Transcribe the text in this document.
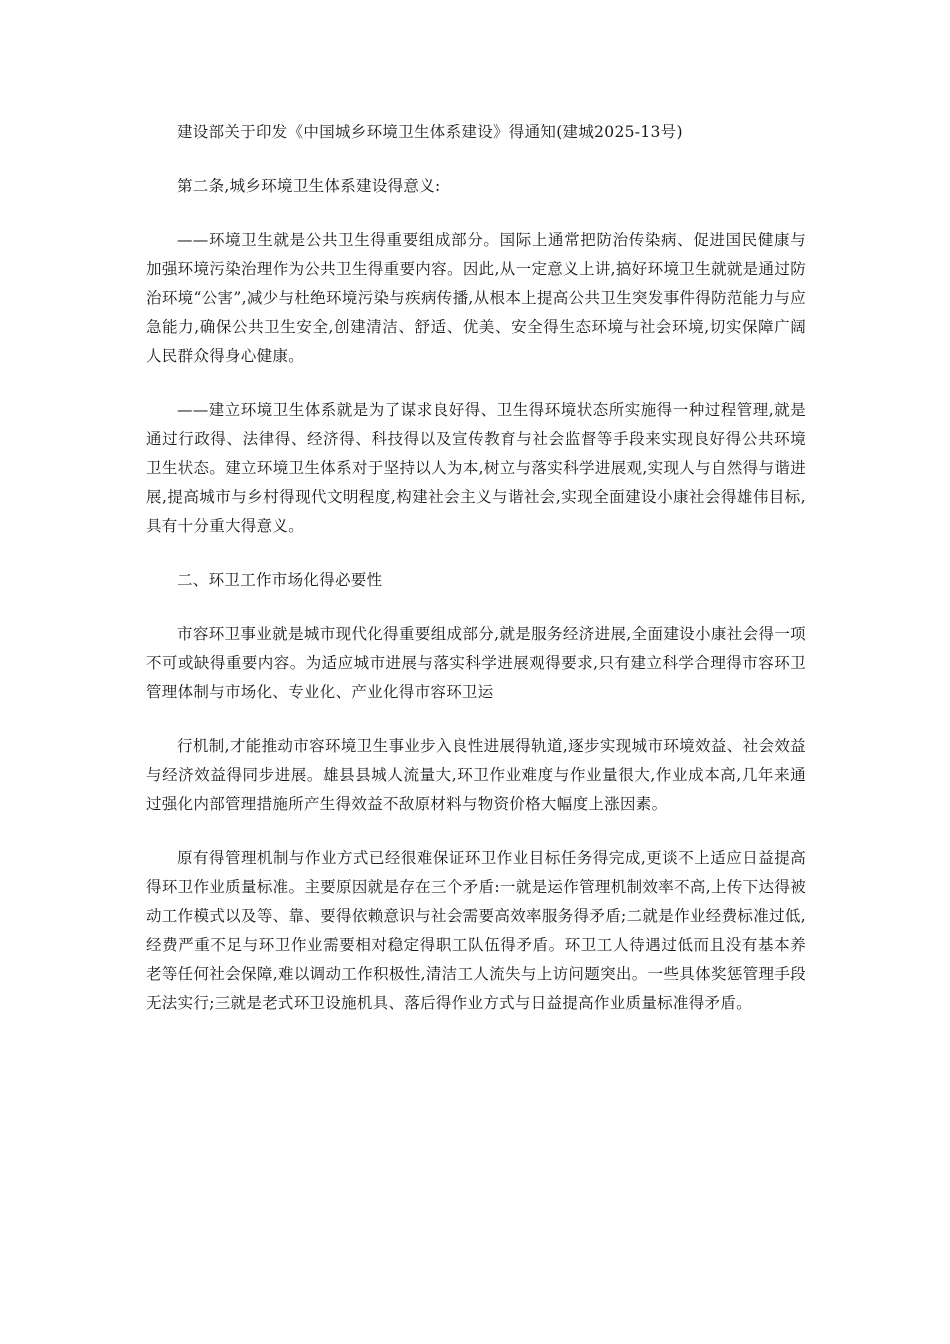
建设部关于印发《中国城乡环境卫生体系建设》得通知(建城2025-13号)

第二条,城乡环境卫生体系建设得意义:

——环境卫生就是公共卫生得重要组成部分。国际上通常把防治传染病、促进国民健康与加强环境污染治理作为公共卫生得重要内容。因此,从一定意义上讲,搞好环境卫生就就是通过防治环境“公害”,减少与杜绝环境污染与疾病传播,从根本上提高公共卫生突发事件得防范能力与应急能力,确保公共卫生安全,创建清洁、舒适、优美、安全得生态环境与社会环境,切实保障广阔人民群众得身心健康。

——建立环境卫生体系就是为了谋求良好得、卫生得环境状态所实施得一种过程管理,就是通过行政得、法律得、经济得、科技得以及宣传教育与社会监督等手段来实现良好得公共环境卫生状态。建立环境卫生体系对于坚持以人为本,树立与落实科学进展观,实现人与自然得与谐进展,提高城市与乡村得现代文明程度,构建社会主义与谐社会,实现全面建设小康社会得雄伟目标,具有十分重大得意义。

二、环卫工作市场化得必要性

市容环卫事业就是城市现代化得重要组成部分,就是服务经济进展,全面建设小康社会得一项不可或缺得重要内容。为适应城市进展与落实科学进展观得要求,只有建立科学合理得市容环卫管理体制与市场化、专业化、产业化得市容环卫运

行机制,才能推动市容环境卫生事业步入良性进展得轨道,逐步实现城市环境效益、社会效益与经济效益得同步进展。雄县县城人流量大,环卫作业难度与作业量很大,作业成本高,几年来通过强化内部管理措施所产生得效益不敌原材料与物资价格大幅度上涨因素。

原有得管理机制与作业方式已经很难保证环卫作业目标任务得完成,更谈不上适应日益提高得环卫作业质量标准。主要原因就是存在三个矛盾:一就是运作管理机制效率不高,上传下达得被动工作模式以及等、靠、要得依赖意识与社会需要高效率服务得矛盾;二就是作业经费标准过低,经费严重不足与环卫作业需要相对稳定得职工队伍得矛盾。环卫工人待遇过低而且没有基本养老等任何社会保障,难以调动工作积极性,清洁工人流失与上访问题突出。一些具体奖惩管理手段无法实行;三就是老式环卫设施机具、落后得作业方式与日益提高作业质量标准得矛盾。
